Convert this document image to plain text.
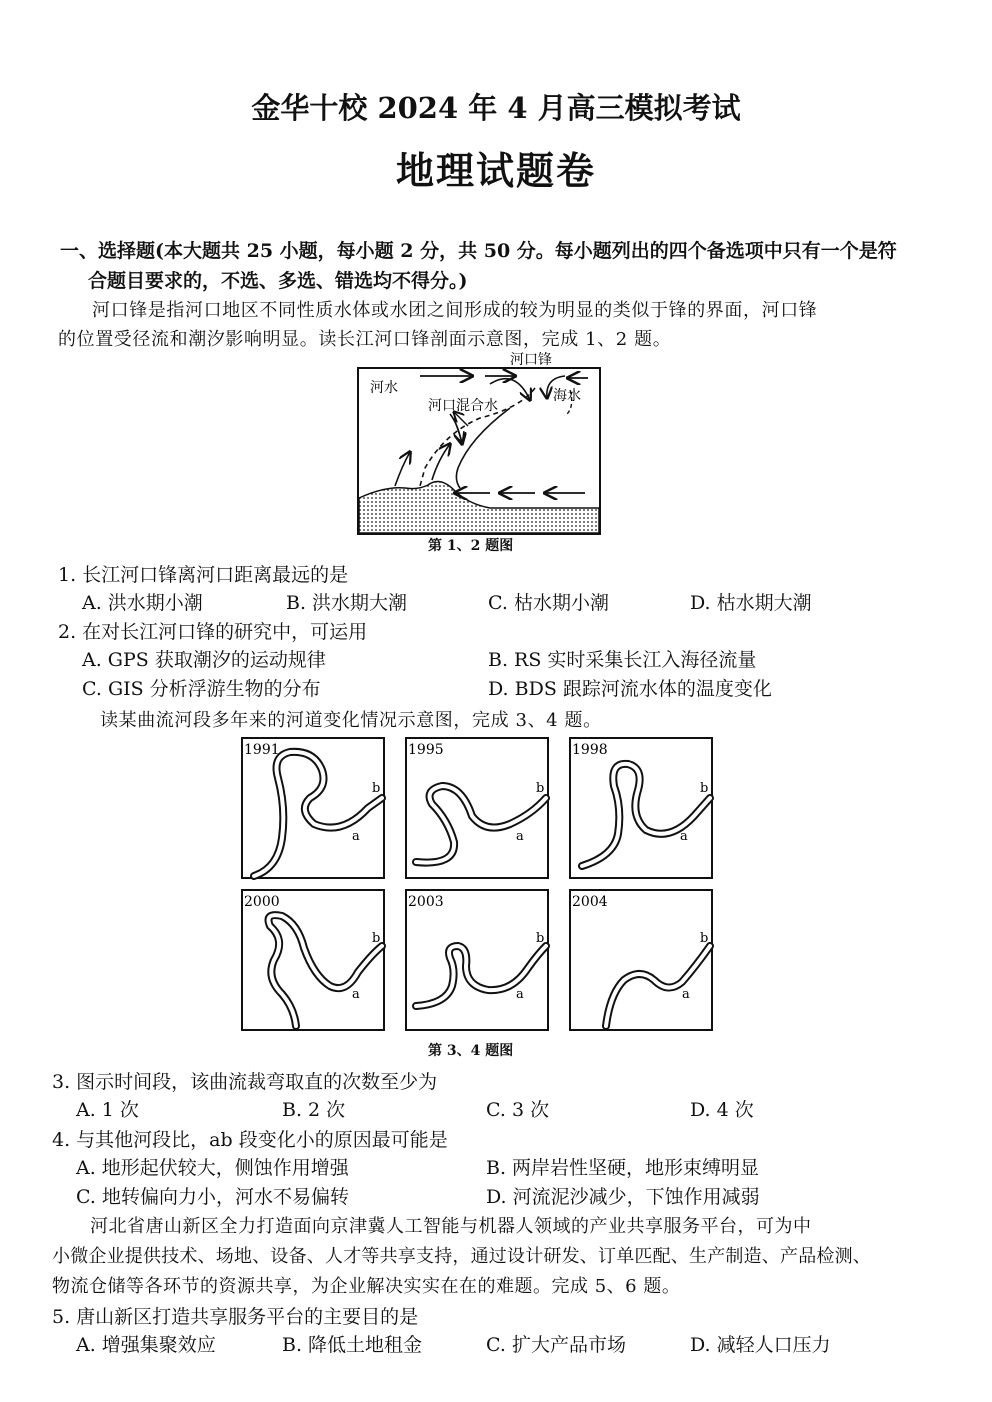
金华十校 2024 年 4 月高三模拟考试
地理试题卷
一、选择题(本大题共 25 小题，每小题 2 分，共 50 分。每小题列出的四个备选项中只有一个是符
合题目要求的，不选、多选、错选均不得分。)
河口锋是指河口地区不同性质水体或水团之间形成的较为明显的类似于锋的界面，河口锋
的位置受径流和潮汐影响明显。读长江河口锋剖面示意图，完成 1、2 题。
河水
河口混合水
河口锋
海水
第 1、2 题图
1. 长江河口锋离河口距离最远的是
A. 洪水期小潮	B. 洪水期大潮	C. 枯水期小潮	D. 枯水期大潮
2. 在对长江河口锋的研究中，可运用
A. GPS 获取潮汐的运动规律	B. RS 实时采集长江入海径流量
C. GIS 分析浮游生物的分布	D. BDS 跟踪河流水体的温度变化
读某曲流河段多年来的河道变化情况示意图，完成 3、4 题。
1991
a
b
1995
a
b
1998
a
b
2000
a
b
2003
a
b
2004
a
b
第 3、4 题图
3. 图示时间段，该曲流裁弯取直的次数至少为
A. 1 次	B. 2 次	C. 3 次	D. 4 次
4. 与其他河段比，ab 段变化小的原因最可能是
A. 地形起伏较大，侧蚀作用增强	B. 两岸岩性坚硬，地形束缚明显
C. 地转偏向力小，河水不易偏转	D. 河流泥沙减少，下蚀作用减弱
河北省唐山新区全力打造面向京津冀人工智能与机器人领域的产业共享服务平台，可为中
小微企业提供技术、场地、设备、人才等共享支持，通过设计研发、订单匹配、生产制造、产品检测、
物流仓储等各环节的资源共享，为企业解决实实在在的难题。完成 5、6 题。
5. 唐山新区打造共享服务平台的主要目的是
A. 增强集聚效应	B. 降低土地租金	C. 扩大产品市场	D. 减轻人口压力
